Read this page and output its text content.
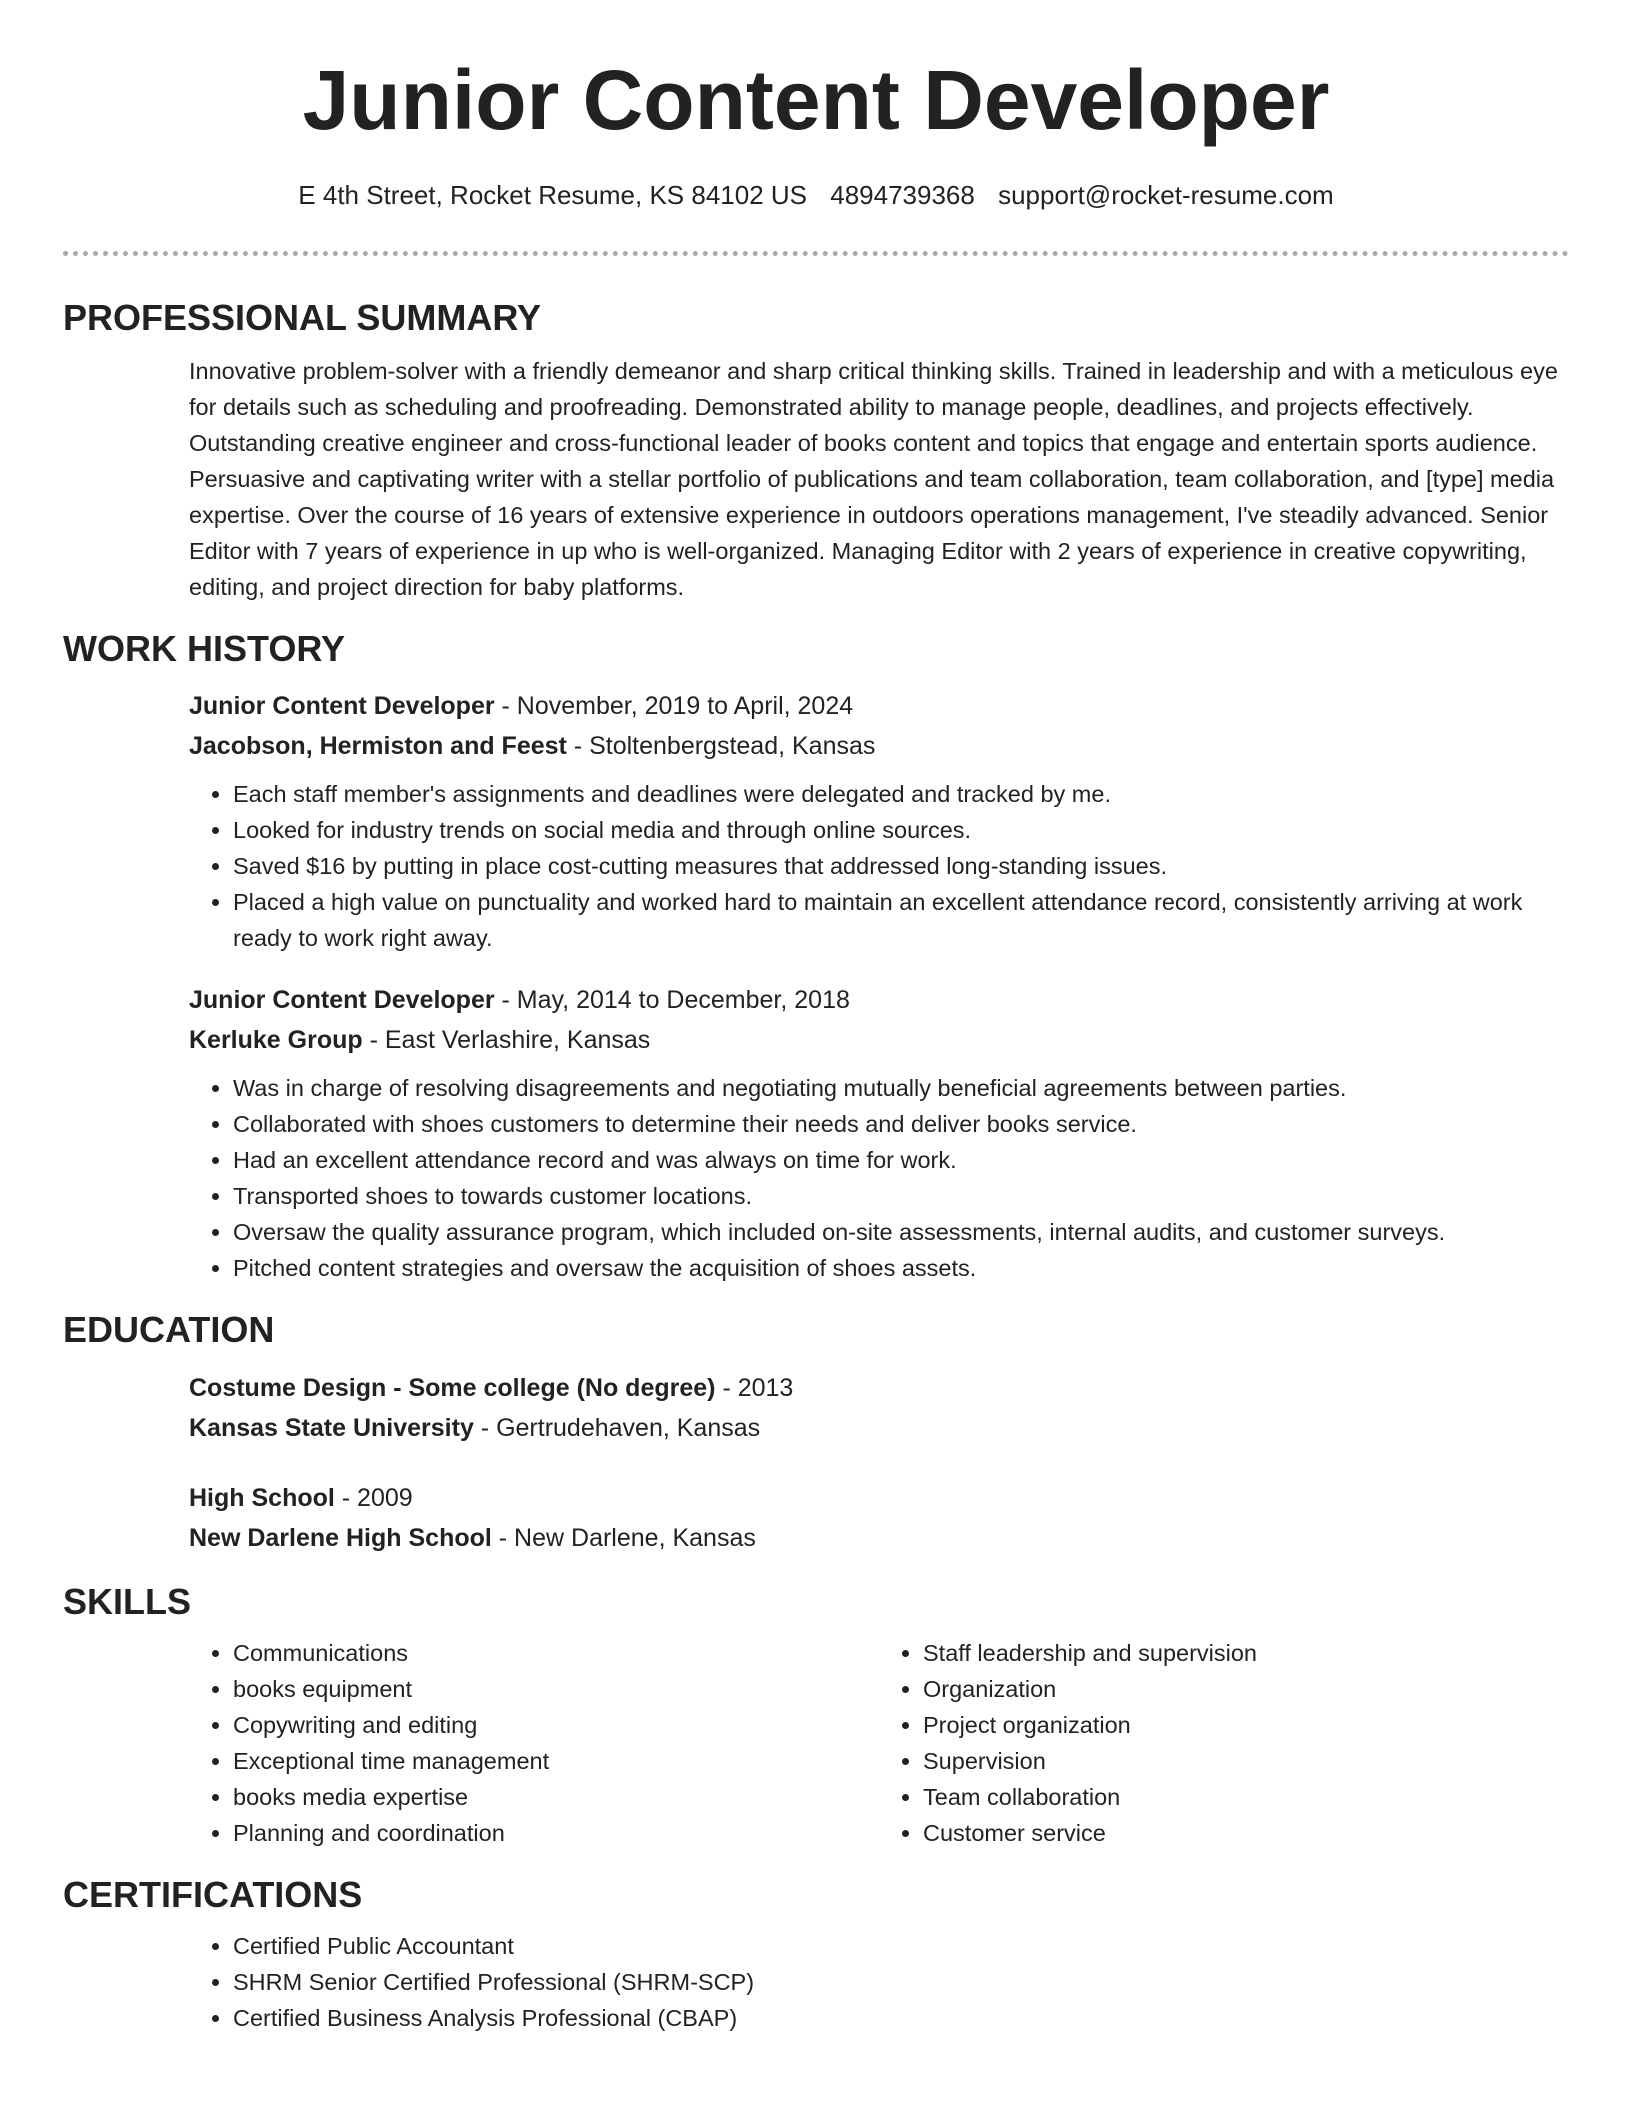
Junior Content Developer
E 4th Street, Rocket Resume, KS 84102 US 4894739368 support@rocket-resume.com
PROFESSIONAL SUMMARY

Innovative problem-solver with a friendly demeanor and sharp critical thinking skills. Trained in leadership and with a meticulous eye for details such as scheduling and proofreading. Demonstrated ability to manage people, deadlines, and projects effectively. Outstanding creative engineer and cross-functional leader of books content and topics that engage and entertain sports audience. Persuasive and captivating writer with a stellar portfolio of publications and team collaboration, team collaboration, and [type] media expertise. Over the course of 16 years of extensive experience in outdoors operations management, I've steadily advanced. Senior Editor with 7 years of experience in up who is well-organized. Managing Editor with 2 years of experience in creative copywriting, editing, and project direction for baby platforms.

WORK HISTORY
Junior Content Developer - November, 2019 to April, 2024
Jacobson, Hermiston and Feest - Stoltenbergstead, Kansas
• Each staff member's assignments and deadlines were delegated and tracked by me.
• Looked for industry trends on social media and through online sources.
• Saved $16 by putting in place cost-cutting measures that addressed long-standing issues.
• Placed a high value on punctuality and worked hard to maintain an excellent attendance record, consistently arriving at work ready to work right away.
Junior Content Developer - May, 2014 to December, 2018
Kerluke Group - East Verlashire, Kansas
• Was in charge of resolving disagreements and negotiating mutually beneficial agreements between parties.
• Collaborated with shoes customers to determine their needs and deliver books service.
• Had an excellent attendance record and was always on time for work.
• Transported shoes to towards customer locations.
• Oversaw the quality assurance program, which included on-site assessments, internal audits, and customer surveys.
• Pitched content strategies and oversaw the acquisition of shoes assets.
EDUCATION
Costume Design - Some college (No degree) - 2013
Kansas State University - Gertrudehaven, Kansas
High School - 2009
New Darlene High School - New Darlene, Kansas
SKILLS
• Communications
• books equipment
• Copywriting and editing
• Exceptional time management
• books media expertise
• Planning and coordination
• Staff leadership and supervision
• Organization
• Project organization
• Supervision
• Team collaboration
• Customer service
CERTIFICATIONS
• Certified Public Accountant
• SHRM Senior Certified Professional (SHRM-SCP)
• Certified Business Analysis Professional (CBAP)
